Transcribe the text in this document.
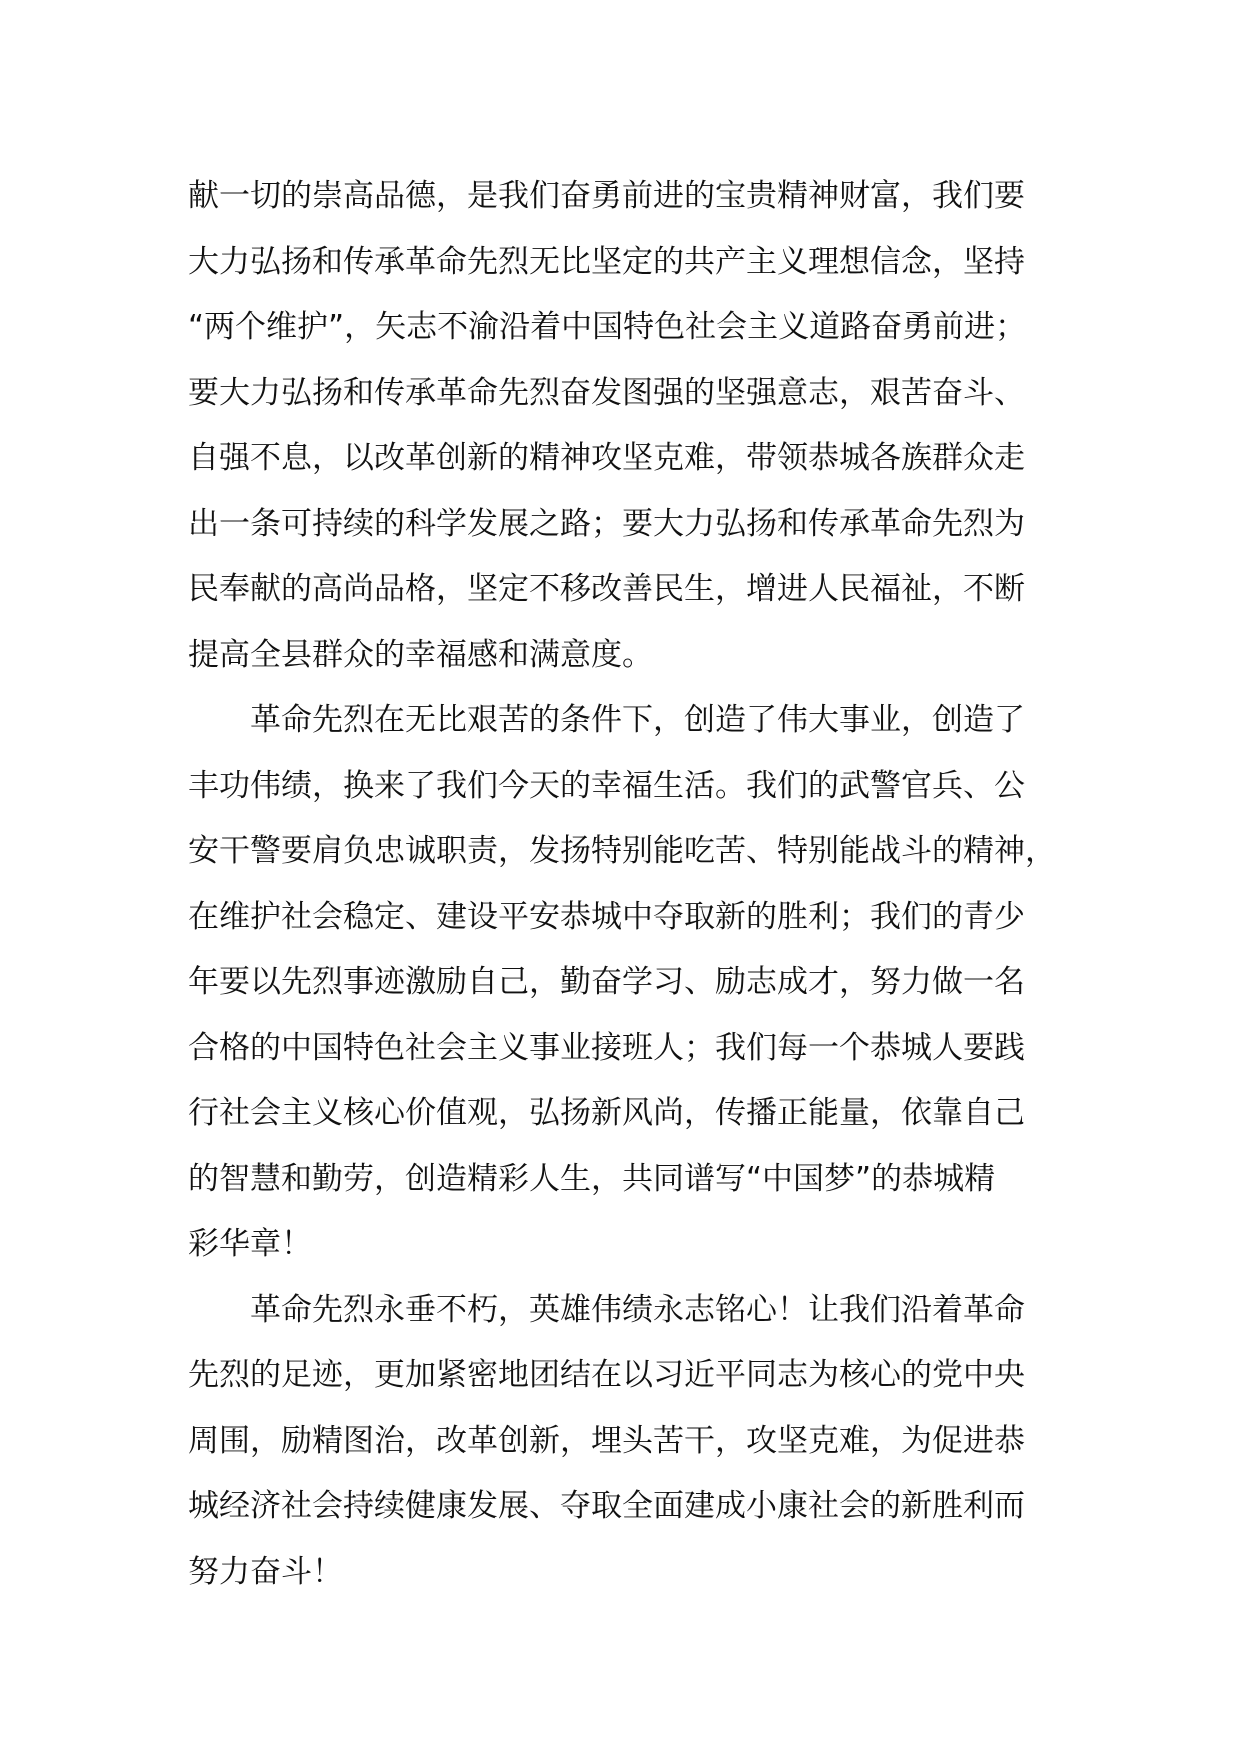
献一切的崇高品德，是我们奋勇前进的宝贵精神财富，我们要
大力弘扬和传承革命先烈无比坚定的共产主义理想信念，坚持
“两个维护”，矢志不渝沿着中国特色社会主义道路奋勇前进；
要大力弘扬和传承革命先烈奋发图强的坚强意志，艰苦奋斗、
自强不息，以改革创新的精神攻坚克难，带领恭城各族群众走
出一条可持续的科学发展之路；要大力弘扬和传承革命先烈为
民奉献的高尚品格，坚定不移改善民生，增进人民福祉，不断
提高全县群众的幸福感和满意度。
　　革命先烈在无比艰苦的条件下，创造了伟大事业，创造了
丰功伟绩，换来了我们今天的幸福生活。我们的武警官兵、公
安干警要肩负忠诚职责，发扬特别能吃苦、特别能战斗的精神，
在维护社会稳定、建设平安恭城中夺取新的胜利；我们的青少
年要以先烈事迹激励自己，勤奋学习、励志成才，努力做一名
合格的中国特色社会主义事业接班人；我们每一个恭城人要践
行社会主义核心价值观，弘扬新风尚，传播正能量，依靠自己
的智慧和勤劳，创造精彩人生，共同谱写“中国梦”的恭城精
彩华章！
　　革命先烈永垂不朽，英雄伟绩永志铭心！让我们沿着革命
先烈的足迹，更加紧密地团结在以习近平同志为核心的党中央
周围，励精图治，改革创新，埋头苦干，攻坚克难，为促进恭
城经济社会持续健康发展、夺取全面建成小康社会的新胜利而
努力奋斗！
